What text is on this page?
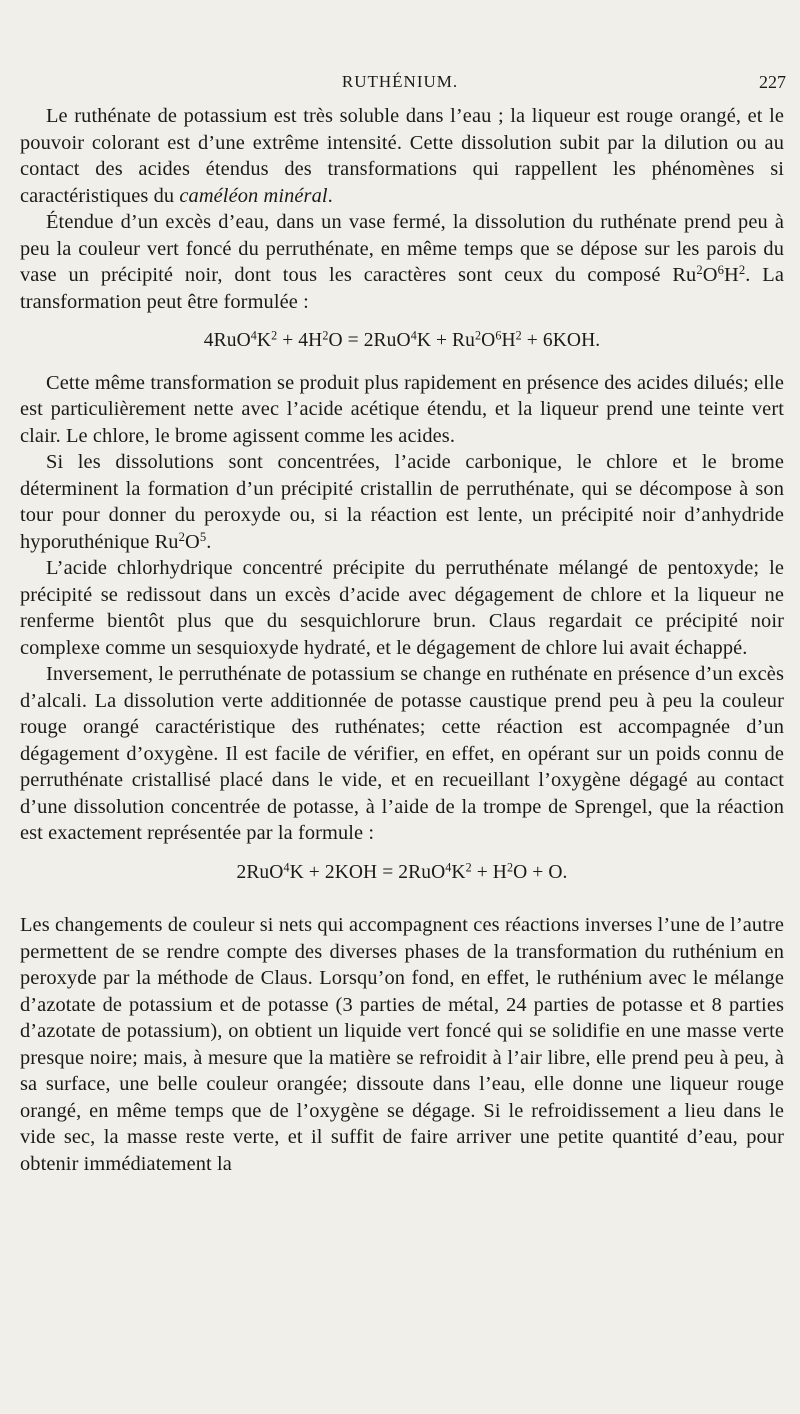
RUTHÉNIUM.	227

Le ruthénate de potassium est très soluble dans l’eau ; la liqueur est rouge orangé, et le pouvoir colorant est d’une extrême intensité. Cette dissolution subit par la dilution ou au contact des acides étendus des transformations qui rappellent les phénomènes si caractéristiques du caméléon minéral.

Étendue d’un excès d’eau, dans un vase fermé, la dissolution du ruthénate prend peu à peu la couleur vert foncé du perruthénate, en même temps que se dépose sur les parois du vase un précipité noir, dont tous les caractères sont ceux du composé $Ru^2O^6H^2$. La transformation peut être formulée :

$4RuO^4K^2 + 4H^2O = 2RuO^4K + Ru^2O^6H^2 + 6KOH$.

Cette même transformation se produit plus rapidement en présence des acides dilués; elle est particulièrement nette avec l’acide acétique étendu, et la liqueur prend une teinte vert clair. Le chlore, le brome agissent comme les acides.

Si les dissolutions sont concentrées, l’acide carbonique, le chlore et le brome déterminent la formation d’un précipité cristallin de perruthénate, qui se décompose à son tour pour donner du peroxyde ou, si la réaction est lente, un précipité noir d’anhydride hyporuthénique $Ru^2O^5$.

L’acide chlorhydrique concentré précipite du perruthénate mélangé de pentoxyde; le précipité se redissout dans un excès d’acide avec dégagement de chlore et la liqueur ne renferme bientôt plus que du sesquichlorure brun. Claus regardait ce précipité noir complexe comme un sesquioxyde hydraté, et le dégagement de chlore lui avait échappé.

Inversement, le perruthénate de potassium se change en ruthénate en présence d’un excès d’alcali. La dissolution verte additionnée de potasse caustique prend peu à peu la couleur rouge orangé caractéristique des ruthénates; cette réaction est accompagnée d’un dégagement d’oxygène. Il est facile de vérifier, en effet, en opérant sur un poids connu de perruthénate cristallisé placé dans le vide, et en recueillant l’oxygène dégagé au contact d’une dissolution concentrée de potasse, à l’aide de la trompe de Sprengel, que la réaction est exactement représentée par la formule :

$2RuO^4K + 2KOH = 2RuO^4K^2 + H^2O + O$.

Les changements de couleur si nets qui accompagnent ces réactions inverses l’une de l’autre permettent de se rendre compte des diverses phases de la transformation du ruthénium en peroxyde par la méthode de Claus. Lorsqu’on fond, en effet, le ruthénium avec le mélange d’azotate de potassium et de potasse (3 parties de métal, 24 parties de potasse et 8 parties d’azotate de potassium), on obtient un liquide vert foncé qui se solidifie en une masse verte presque noire; mais, à mesure que la matière se refroidit à l’air libre, elle prend peu à peu, à sa surface, une belle couleur orangée; dissoute dans l’eau, elle donne une liqueur rouge orangé, en même temps que de l’oxygène se dégage. Si le refroidissement a lieu dans le vide sec, la masse reste verte, et il suffit de faire arriver une petite quantité d’eau, pour obtenir immédiatement la
